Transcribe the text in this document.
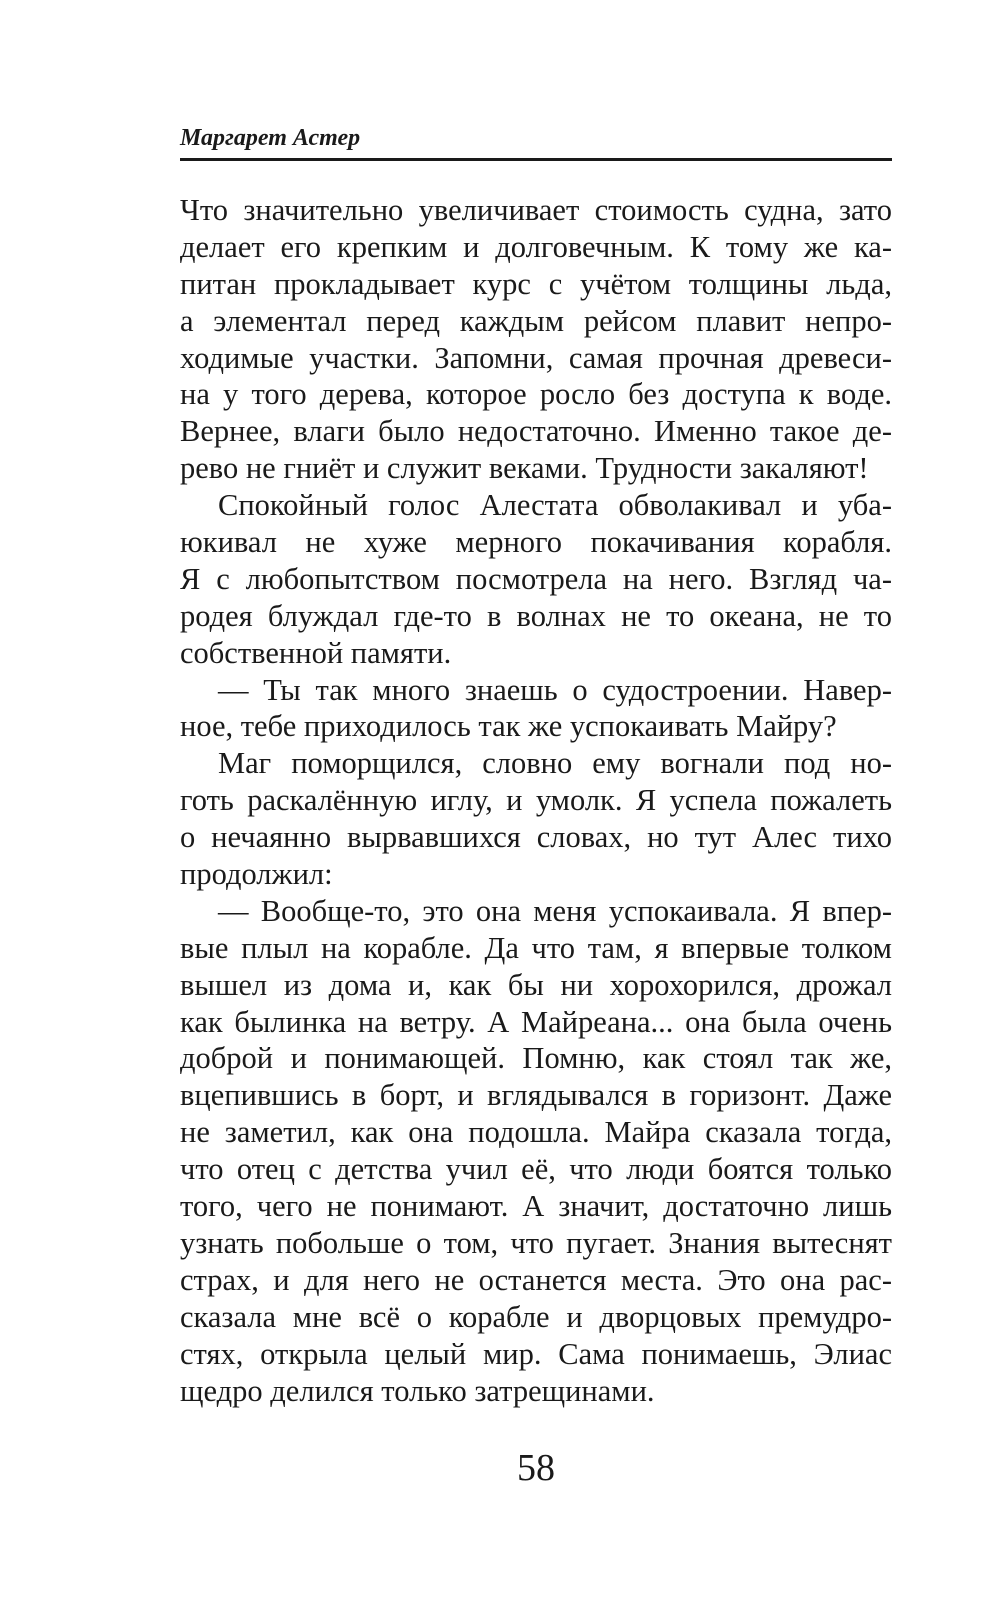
Маргарет Астер
Что значительно увеличивает стоимость судна, зато
делает его крепким и долговечным. К тому же ка-
питан прокладывает курс с учётом толщины льда,
а элементал перед каждым рейсом плавит непро-
ходимые участки. Запомни, самая прочная древеси-
на у того дерева, которое росло без доступа к воде.
Вернее, влаги было недостаточно. Именно такое де-
рево не гниёт и служит веками. Трудности закаляют!
Спокойный голос Алестата обволакивал и уба-
юкивал не хуже мерного покачивания корабля.
Я с любопытством посмотрела на него. Взгляд ча-
родея блуждал где-то в волнах не то океана, не то
собственной памяти.
— Ты так много знаешь о судостроении. Навер-
ное, тебе приходилось так же успокаивать Майру?
Маг поморщился, словно ему вогнали под но-
готь раскалённую иглу, и умолк. Я успела пожалеть
о нечаянно вырвавшихся словах, но тут Алес тихо
продолжил:
— Вообще-то, это она меня успокаивала. Я впер-
вые плыл на корабле. Да что там, я впервые толком
вышел из дома и, как бы ни хорохорился, дрожал
как былинка на ветру. А Майреана... она была очень
доброй и понимающей. Помню, как стоял так же,
вцепившись в борт, и вглядывался в горизонт. Даже
не заметил, как она подошла. Майра сказала тогда,
что отец с детства учил её, что люди боятся только
того, чего не понимают. А значит, достаточно лишь
узнать побольше о том, что пугает. Знания вытеснят
страх, и для него не останется места. Это она рас-
сказала мне всё о корабле и дворцовых премудро-
стях, открыла целый мир. Сама понимаешь, Элиас
щедро делился только затрещинами.
58
